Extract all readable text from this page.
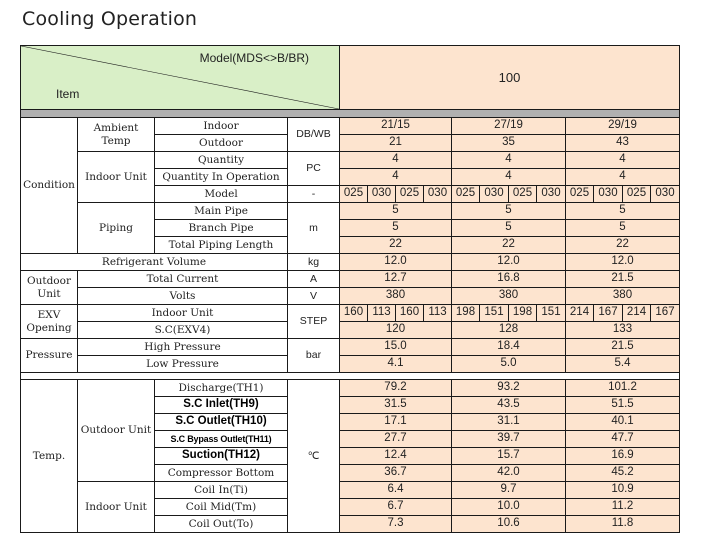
Cooling Operation
Model(MDS<>B/BR)
Item				100											

Condition	Ambient Temp	Indoor	DB/WB	21/15				27/19				29/19			
		Outdoor		21				35				43			
	Indoor Unit	Quantity	PC	4				4				4			
		Quantity In Operation		4				4				4			
		Model	-	025	030	025	030	025	030	025	030	025	030	025	030
	Piping	Main Pipe	m	5				5				5			
		Branch Pipe		5				5				5			
		Total Piping Length		22				22				22			
Refrigerant Volume			kg	12.0				12.0				12.0			
Outdoor Unit	Total Current		A	12.7				16.8				21.5			
	Volts		V	380				380				380			
EXV Opening	Indoor Unit		STEP	160	113	160	113	198	151	198	151	214	167	214	167
	S.C(EXV4)			120				128				133			
Pressure	High Pressure		bar	15.0				18.4				21.5			
	Low Pressure			4.1				5.0				5.4			

Temp.	Outdoor Unit	Discharge(TH1)	℃	79.2				93.2				101.2			
		S.C Inlet(TH9)		31.5				43.5				51.5			
		S.C Outlet(TH10)		17.1				31.1				40.1			
		S.C Bypass Outlet(TH11)		27.7				39.7				47.7			
		Suction(TH12)		12.4				15.7				16.9			
		Compressor Bottom		36.7				42.0				45.2			
	Indoor Unit	Coil In(Ti)		6.4				9.7				10.9			
		Coil Mid(Tm)		6.7				10.0				11.2			
		Coil Out(To)		7.3				10.6				11.8			
